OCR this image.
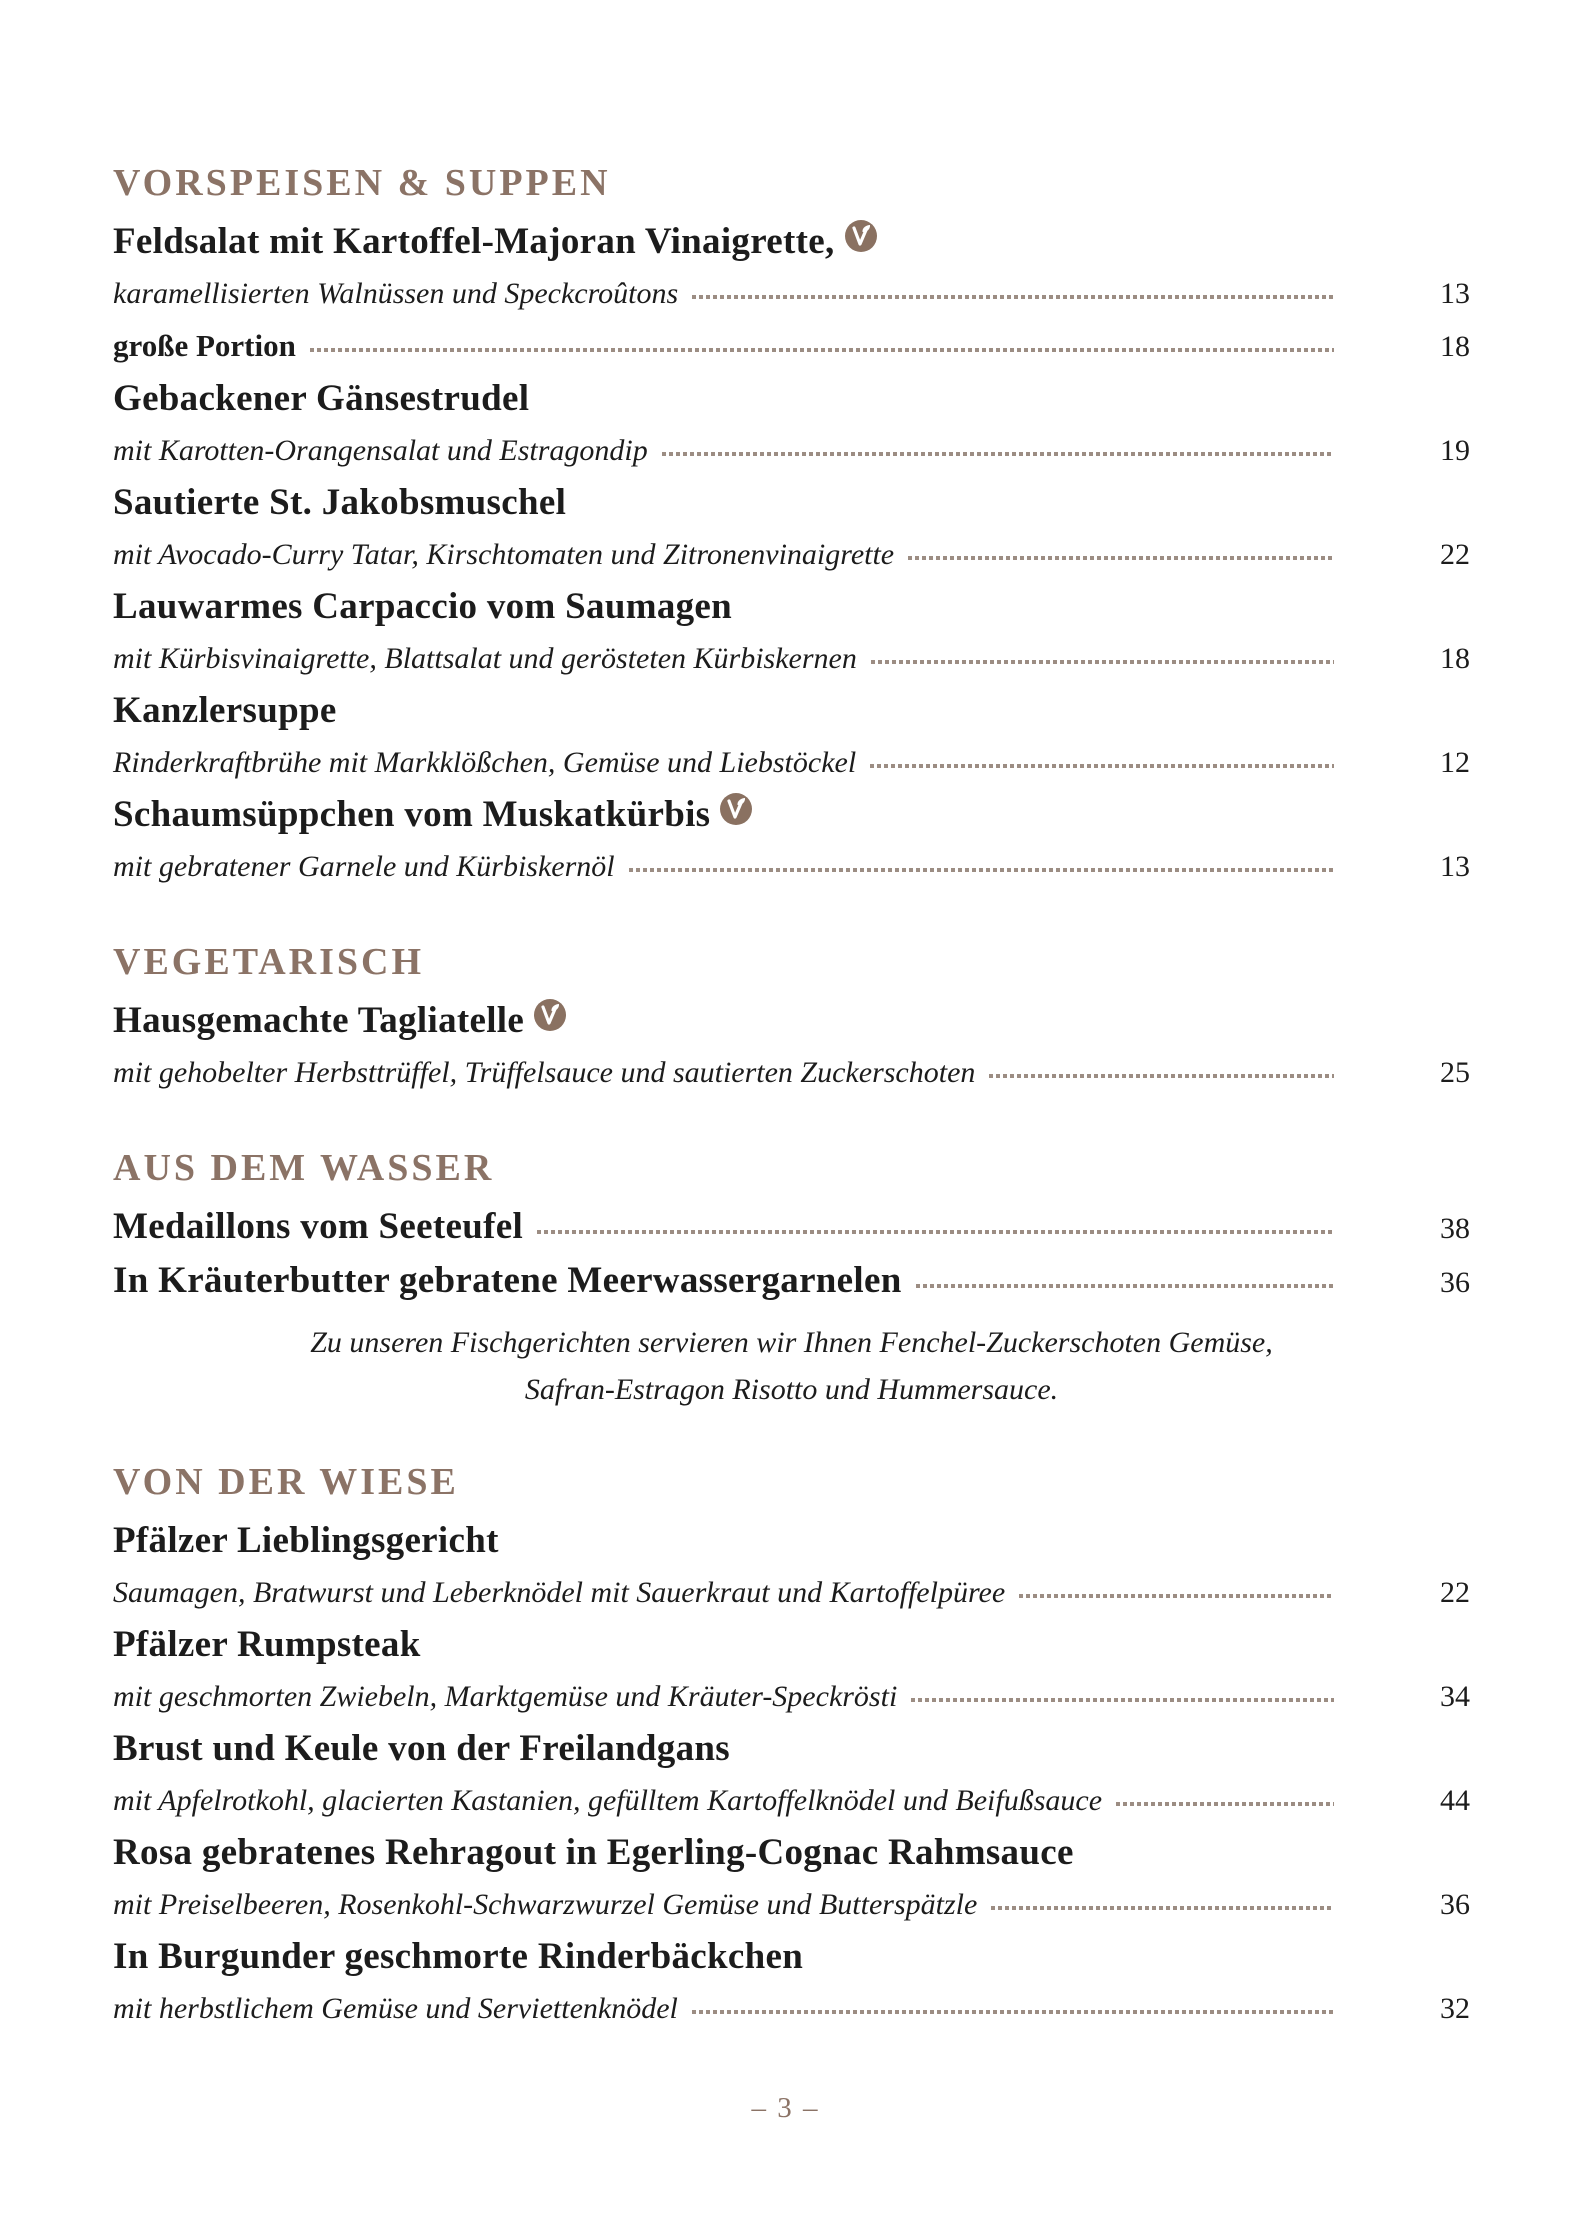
VORSPEISEN & SUPPEN
Feldsalat mit Kartoffel-Majoran Vinaigrette,
karamellisierten Walnüssen und Speckcroûtons	13
große Portion	18
Gebackener Gänsestrudel
mit Karotten-Orangensalat und Estragondip	19
Sautierte St. Jakobsmuschel
mit Avocado-Curry Tatar, Kirschtomaten und Zitronenvinaigrette	22
Lauwarmes Carpaccio vom Saumagen
mit Kürbisvinaigrette, Blattsalat und gerösteten Kürbiskernen	18
Kanzlersuppe
Rinderkraftbrühe mit Markklößchen, Gemüse und Liebstöckel	12
Schaumsüppchen vom Muskatkürbis
mit gebratener Garnele und Kürbiskernöl	13
VEGETARISCH
Hausgemachte Tagliatelle
mit gehobelter Herbsttrüffel, Trüffelsauce und sautierten Zuckerschoten	25
AUS DEM WASSER
Medaillons vom Seeteufel	38
In Kräuterbutter gebratene Meerwassergarnelen	36
Zu unseren Fischgerichten servieren wir Ihnen Fenchel-Zuckerschoten Gemüse,
Safran-Estragon Risotto und Hummersauce.
VON DER WIESE
Pfälzer Lieblingsgericht
Saumagen, Bratwurst und Leberknödel mit Sauerkraut und Kartoffelpüree	22
Pfälzer Rumpsteak
mit geschmorten Zwiebeln, Marktgemüse und Kräuter-Speckrösti	34
Brust und Keule von der Freilandgans
mit Apfelrotkohl, glacierten Kastanien, gefülltem Kartoffelknödel und Beifußsauce	44
Rosa gebratenes Rehragout in Egerling-Cognac Rahmsauce
mit Preiselbeeren, Rosenkohl-Schwarzwurzel Gemüse und Butterspätzle	36
In Burgunder geschmorte Rinderbäckchen
mit herbstlichem Gemüse und Serviettenknödel	32
– 3 –
